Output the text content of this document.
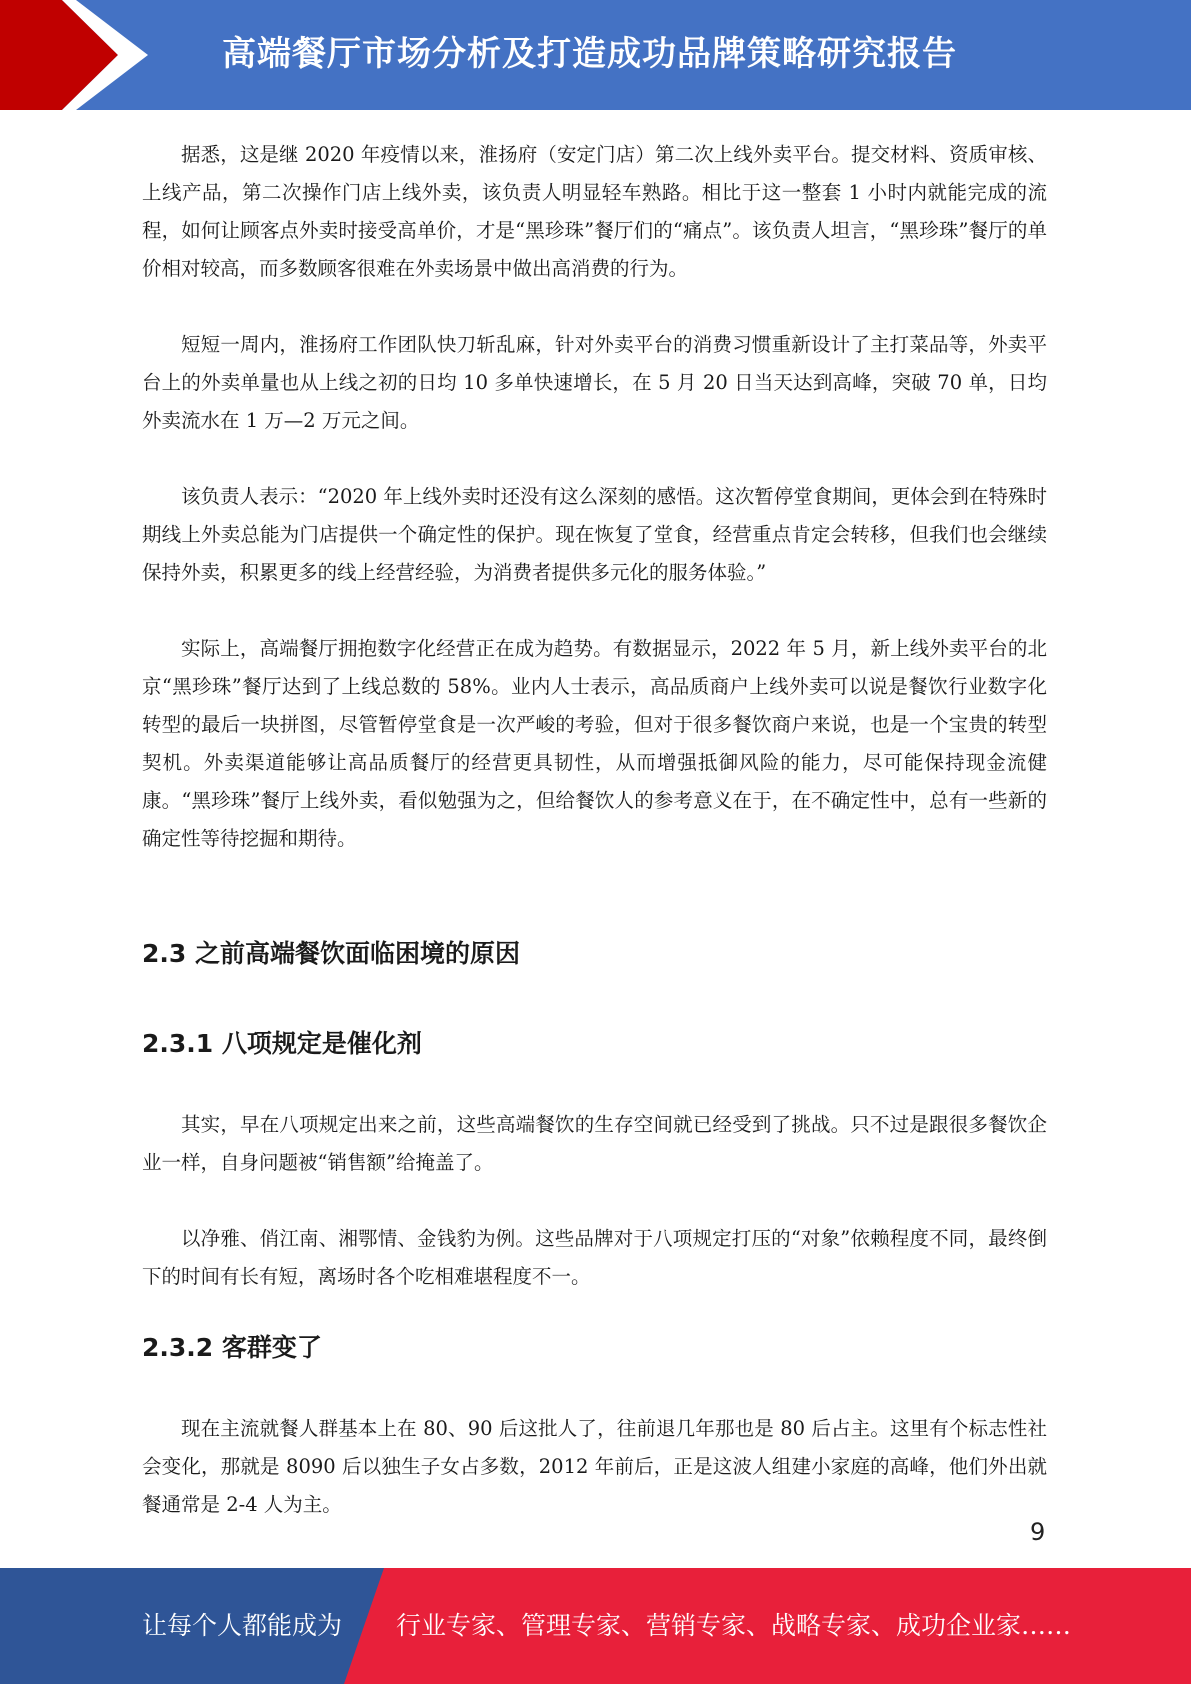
高端餐厅市场分析及打造成功品牌策略研究报告

据悉，这是继 2020 年疫情以来，淮扬府（安定门店）第二次上线外卖平台。提交材料、资质审核、上线产品，第二次操作门店上线外卖，该负责人明显轻车熟路。相比于这一整套 1 小时内就能完成的流程，如何让顾客点外卖时接受高单价，才是“黑珍珠”餐厅们的“痛点”。该负责人坦言，“黑珍珠”餐厅的单价相对较高，而多数顾客很难在外卖场景中做出高消费的行为。

短短一周内，淮扬府工作团队快刀斩乱麻，针对外卖平台的消费习惯重新设计了主打菜品等，外卖平台上的外卖单量也从上线之初的日均 10 多单快速增长，在 5 月 20 日当天达到高峰，突破 70 单，日均外卖流水在 1 万—2 万元之间。

该负责人表示：“2020 年上线外卖时还没有这么深刻的感悟。这次暂停堂食期间，更体会到在特殊时期线上外卖总能为门店提供一个确定性的保护。现在恢复了堂食，经营重点肯定会转移，但我们也会继续保持外卖，积累更多的线上经营经验，为消费者提供多元化的服务体验。”

实际上，高端餐厅拥抱数字化经营正在成为趋势。有数据显示，2022 年 5 月，新上线外卖平台的北京“黑珍珠”餐厅达到了上线总数的 58%。业内人士表示，高品质商户上线外卖可以说是餐饮行业数字化转型的最后一块拼图，尽管暂停堂食是一次严峻的考验，但对于很多餐饮商户来说，也是一个宝贵的转型契机。外卖渠道能够让高品质餐厅的经营更具韧性，从而增强抵御风险的能力，尽可能保持现金流健康。“黑珍珠”餐厅上线外卖，看似勉强为之，但给餐饮人的参考意义在于，在不确定性中，总有一些新的确定性等待挖掘和期待。

2.3 之前高端餐饮面临困境的原因
2.3.1 八项规定是催化剂

其实，早在八项规定出来之前，这些高端餐饮的生存空间就已经受到了挑战。只不过是跟很多餐饮企业一样，自身问题被“销售额”给掩盖了。

以净雅、俏江南、湘鄂情、金钱豹为例。这些品牌对于八项规定打压的“对象”依赖程度不同，最终倒下的时间有长有短，离场时各个吃相难堪程度不一。

2.3.2 客群变了

现在主流就餐人群基本上在 80、90 后这批人了，往前退几年那也是 80 后占主。这里有个标志性社会变化，那就是 8090 后以独生子女占多数，2012 年前后，正是这波人组建小家庭的高峰，他们外出就餐通常是 2-4 人为主。

9
让每个人都能成为 行业专家、管理专家、营销专家、战略专家、成功企业家……
